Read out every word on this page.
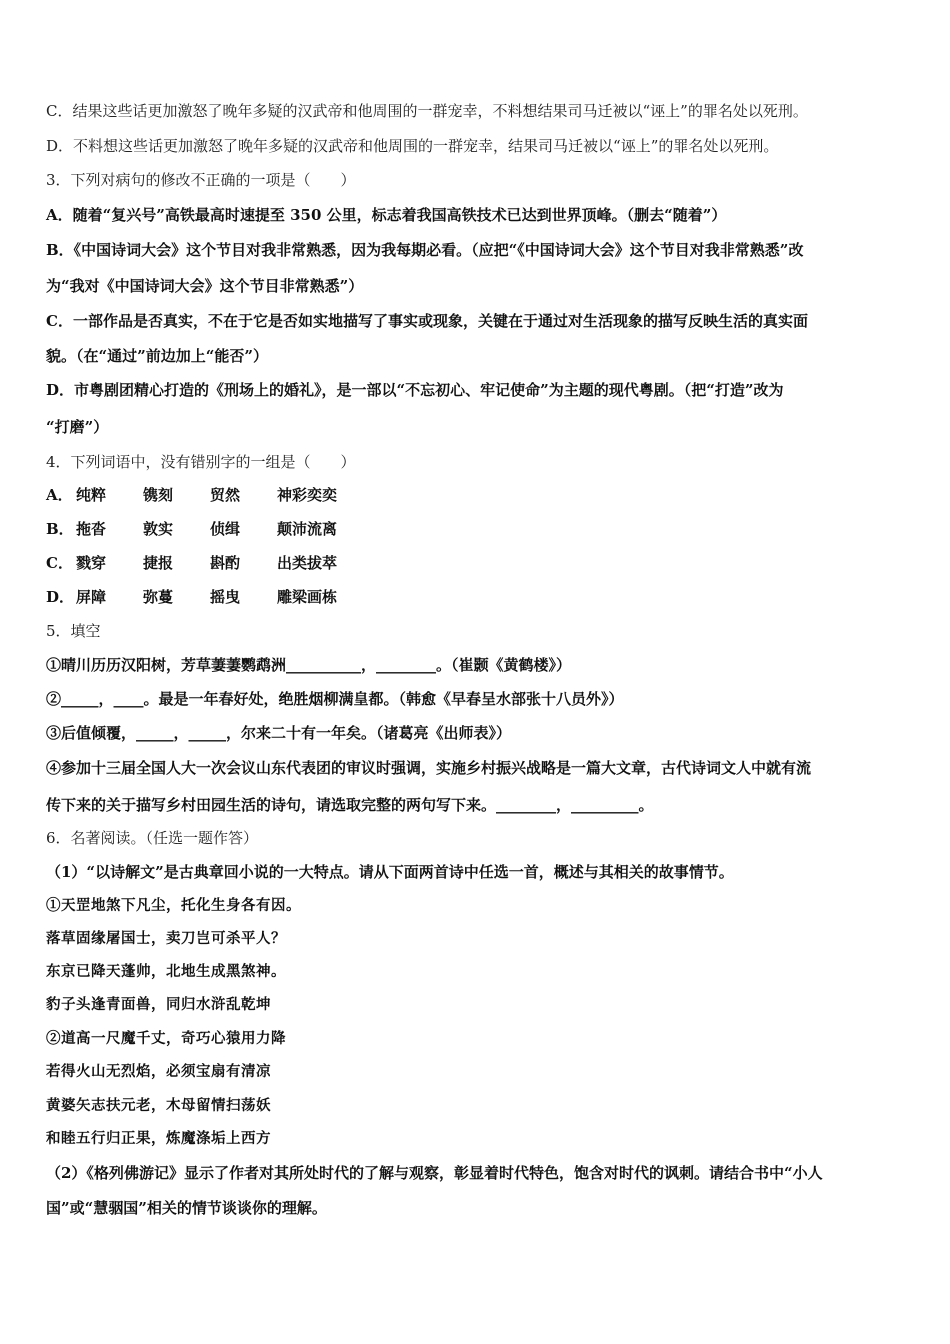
C．结果这些话更加激怒了晚年多疑的汉武帝和他周围的一群宠幸，不料想结果司马迁被以“诬上”的罪名处以死刑。
D．不料想这些话更加激怒了晚年多疑的汉武帝和他周围的一群宠幸，结果司马迁被以“诬上”的罪名处以死刑。
3．下列对病句的修改不正确的一项是（　　）
A．随着“复兴号”高铁最高时速提至 350 公里，标志着我国高铁技术已达到世界顶峰。（删去“随着”）
B．《中国诗词大会》这个节目对我非常熟悉，因为我每期必看。（应把“《中国诗词大会》这个节目对我非常熟悉”改
为“我对《中国诗词大会》这个节目非常熟悉”）
C．一部作品是否真实，不在于它是否如实地描写了事实或现象，关键在于通过对生活现象的描写反映生活的真实面
貌。（在“通过”前边加上“能否”）
D．市粤剧团精心打造的《刑场上的婚礼》，是一部以“不忘初心、牢记使命”为主题的现代粤剧。（把“打造”改为
“打磨”）
4．下列词语中，没有错别字的一组是（　　）
A． 纯粹 镌刻 贸然 神彩奕奕
B． 拖沓 敦实 侦缉 颠沛流离
C． 戮穿 捷报 斟酌 出类拔萃
D． 屏障 弥蔓 摇曳 雕梁画栋
5．填空
①晴川历历汉阳树，芳草萋萋鹦鹉洲__________，________。（崔颢《黄鹤楼》）
②_____，____。最是一年春好处，绝胜烟柳满皇都。（韩愈《早春呈水部张十八员外》）
③后值倾覆，_____，_____，尔来二十有一年矣。（诸葛亮《出师表》）
④参加十三届全国人大一次会议山东代表团的审议时强调，实施乡村振兴战略是一篇大文章，古代诗词文人中就有流
传下来的关于描写乡村田园生活的诗句，请选取完整的两句写下来。________，_________。
6．名著阅读。（任选一题作答）
（1）“以诗解文”是古典章回小说的一大特点。请从下面两首诗中任选一首，概述与其相关的故事情节。
①天罡地煞下凡尘，托化生身各有因。
落草固缘屠国士，卖刀岂可杀平人？
东京已降天蓬帅，北地生成黑煞神。
豹子头逢青面兽，同归水浒乱乾坤
②道高一尺魔千丈，奇巧心猿用力降
若得火山无烈焰，必须宝扇有清凉
黄婆矢志扶元老，木母留情扫荡妖
和睦五行归正果，炼魔涤垢上西方
（2）《格列佛游记》显示了作者对其所处时代的了解与观察，彰显着时代特色，饱含对时代的讽刺。请结合书中“小人
国”或“慧骃国”相关的情节谈谈你的理解。
